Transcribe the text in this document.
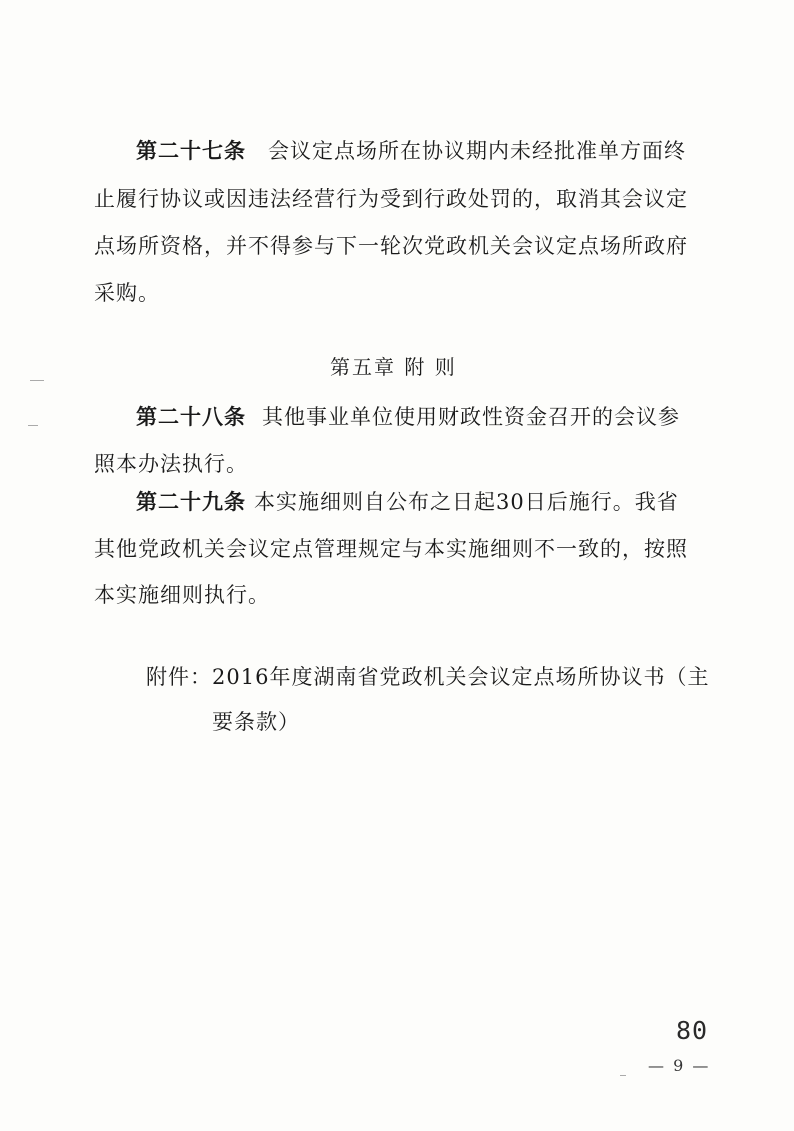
第二十七条 会议定点场所在协议期内未经批准单方面终
止履行协议或因违法经营行为受到行政处罚的，取消其会议定
点场所资格，并不得参与下一轮次党政机关会议定点场所政府
采购。
第五章 附 则
第二十八条 其他事业单位使用财政性资金召开的会议参
照本办法执行。
第二十九条 本实施细则自公布之日起30日后施行。我省
其他党政机关会议定点管理规定与本实施细则不一致的，按照
本实施细则执行。
附件：2016年度湖南省党政机关会议定点场所协议书（主
要条款）
80
— 9 —
